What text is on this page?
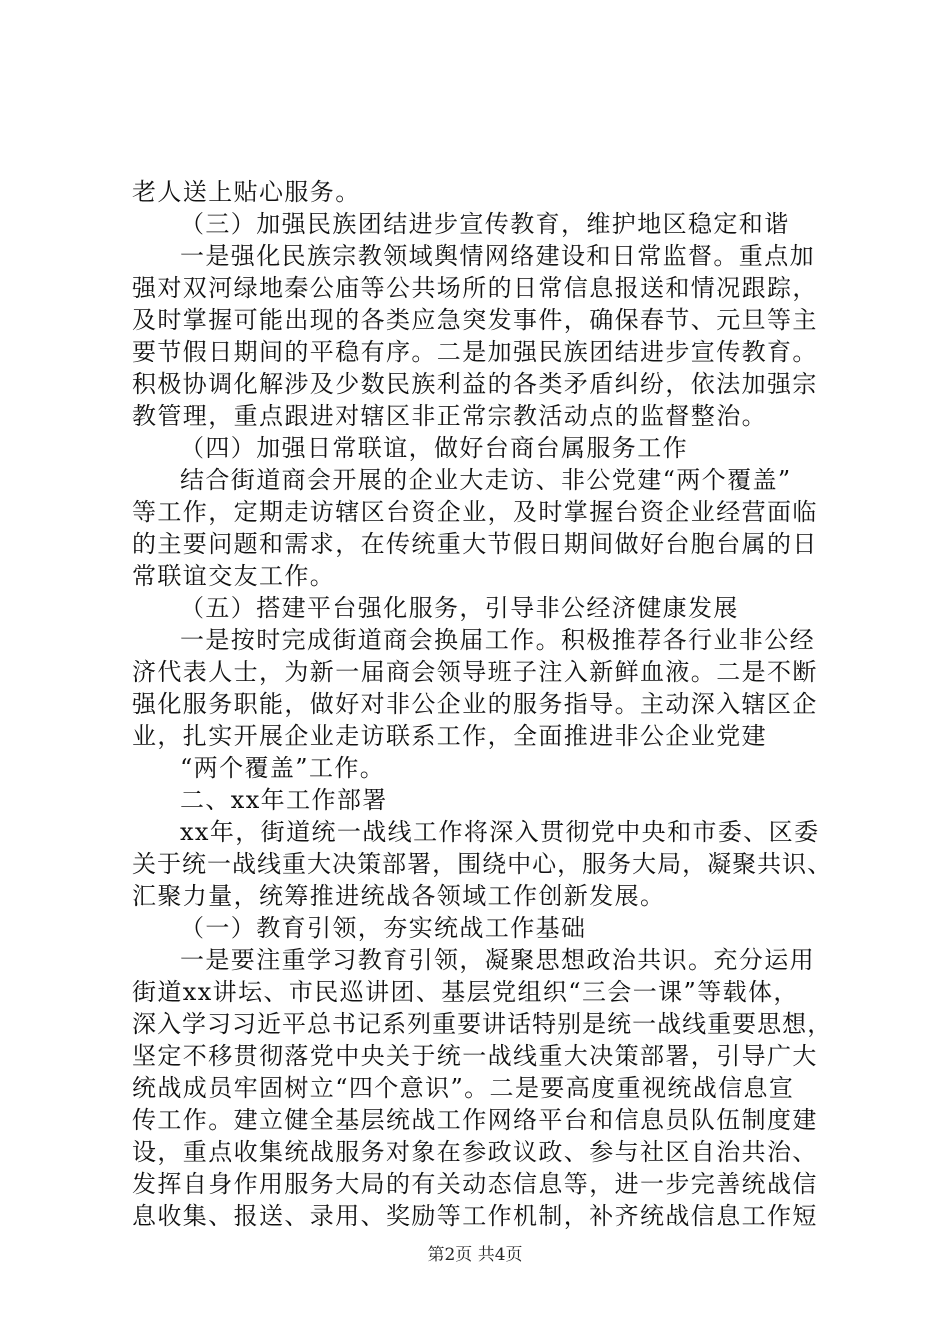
老人送上贴心服务。
（三）加强民族团结进步宣传教育，维护地区稳定和谐
一是强化民族宗教领域舆情网络建设和日常监督。重点加
强对双河绿地秦公庙等公共场所的日常信息报送和情况跟踪，
及时掌握可能出现的各类应急突发事件，确保春节、元旦等主
要节假日期间的平稳有序。二是加强民族团结进步宣传教育。
积极协调化解涉及少数民族利益的各类矛盾纠纷，依法加强宗
教管理，重点跟进对辖区非正常宗教活动点的监督整治。
（四）加强日常联谊，做好台商台属服务工作
结合街道商会开展的企业大走访、非公党建“两个覆盖”
等工作，定期走访辖区台资企业，及时掌握台资企业经营面临
的主要问题和需求，在传统重大节假日期间做好台胞台属的日
常联谊交友工作。
（五）搭建平台强化服务，引导非公经济健康发展
一是按时完成街道商会换届工作。积极推荐各行业非公经
济代表人士，为新一届商会领导班子注入新鲜血液。二是不断
强化服务职能，做好对非公企业的服务指导。主动深入辖区企
业，扎实开展企业走访联系工作，全面推进非公企业党建
“两个覆盖”工作。
二、xx年工作部署
xx年，街道统一战线工作将深入贯彻党中央和市委、区委
关于统一战线重大决策部署，围绕中心，服务大局，凝聚共识、
汇聚力量，统筹推进统战各领域工作创新发展。
（一）教育引领，夯实统战工作基础
一是要注重学习教育引领，凝聚思想政治共识。充分运用
街道xx讲坛、市民巡讲团、基层党组织“三会一课”等载体，
深入学习习近平总书记系列重要讲话特别是统一战线重要思想，
坚定不移贯彻落党中央关于统一战线重大决策部署，引导广大
统战成员牢固树立“四个意识”。二是要高度重视统战信息宣
传工作。建立健全基层统战工作网络平台和信息员队伍制度建
设，重点收集统战服务对象在参政议政、参与社区自治共治、
发挥自身作用服务大局的有关动态信息等，进一步完善统战信
息收集、报送、录用、奖励等工作机制，补齐统战信息工作短
第2页 共4页
